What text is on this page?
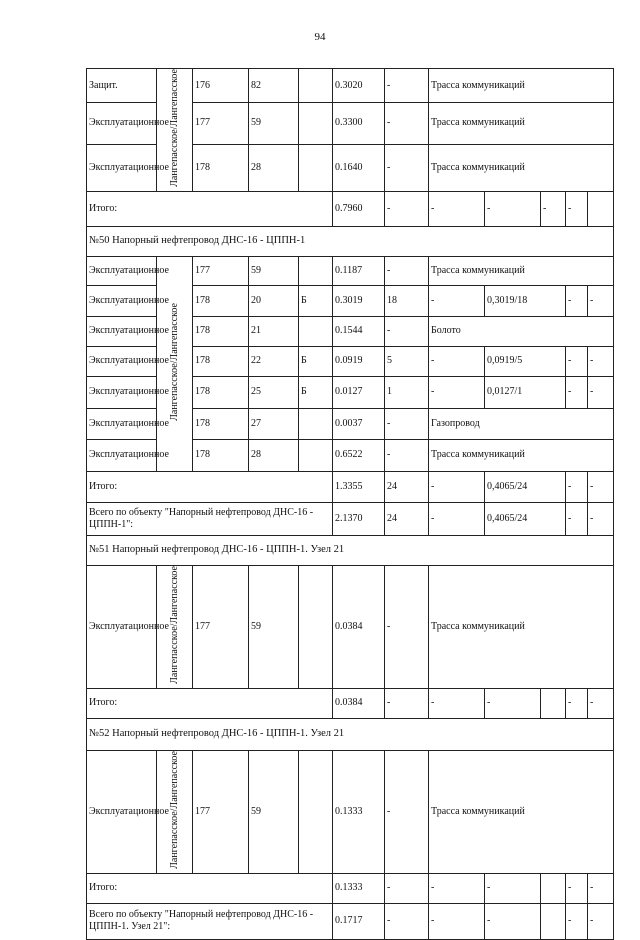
94
Защит.	Лангепасское/Лангепасское	176	82		0.3020	-	Трасса коммуникаций					
Эксплуатационное		177	59		0.3300	-	Трасса коммуникаций					
Эксплуатационное		178	28		0.1640	-	Трасса коммуникаций					
Итого:					0.7960	-	-	-	-	-		
№50 Напорный нефтепровод ДНС-16 - ЦППН-1												
Эксплуатационное	Лангепасское/Лангепасское	177	59		0.1187	-	Трасса коммуникаций					
Эксплуатационное		178	20	Б	0.3019	18	-	0,3019/18		-	-	
Эксплуатационное		178	21		0.1544	-	Болото					
Эксплуатационное		178	22	Б	0.0919	5	-	0,0919/5		-	-	
Эксплуатационное		178	25	Б	0.0127	1	-	0,0127/1		-	-	
Эксплуатационное		178	27		0.0037	-	Газопровод					
Эксплуатационное		178	28		0.6522	-	Трасса коммуникаций					
Итого:					1.3355	24	-	0,4065/24		-	-	
Всего по объекту "Напорный нефтепровод ДНС-16 - ЦППН-1":					2.1370	24	-	0,4065/24		-	-	
№51 Напорный нефтепровод ДНС-16 - ЦППН-1. Узел 21												
Эксплуатационное	Лангепасское/Лангепасское	177	59		0.0384	-	Трасса коммуникаций					
Итого:					0.0384	-	-	-		-	-	
№52 Напорный нефтепровод ДНС-16 - ЦППН-1. Узел 21												
Эксплуатационное	Лангепасское/Лангепасское	177	59		0.1333	-	Трасса коммуникаций					
Итого:					0.1333	-	-	-		-	-	
Всего по объекту "Напорный нефтепровод ДНС-16 - ЦППН-1. Узел 21":					0.1717	-	-	-		-	-	
